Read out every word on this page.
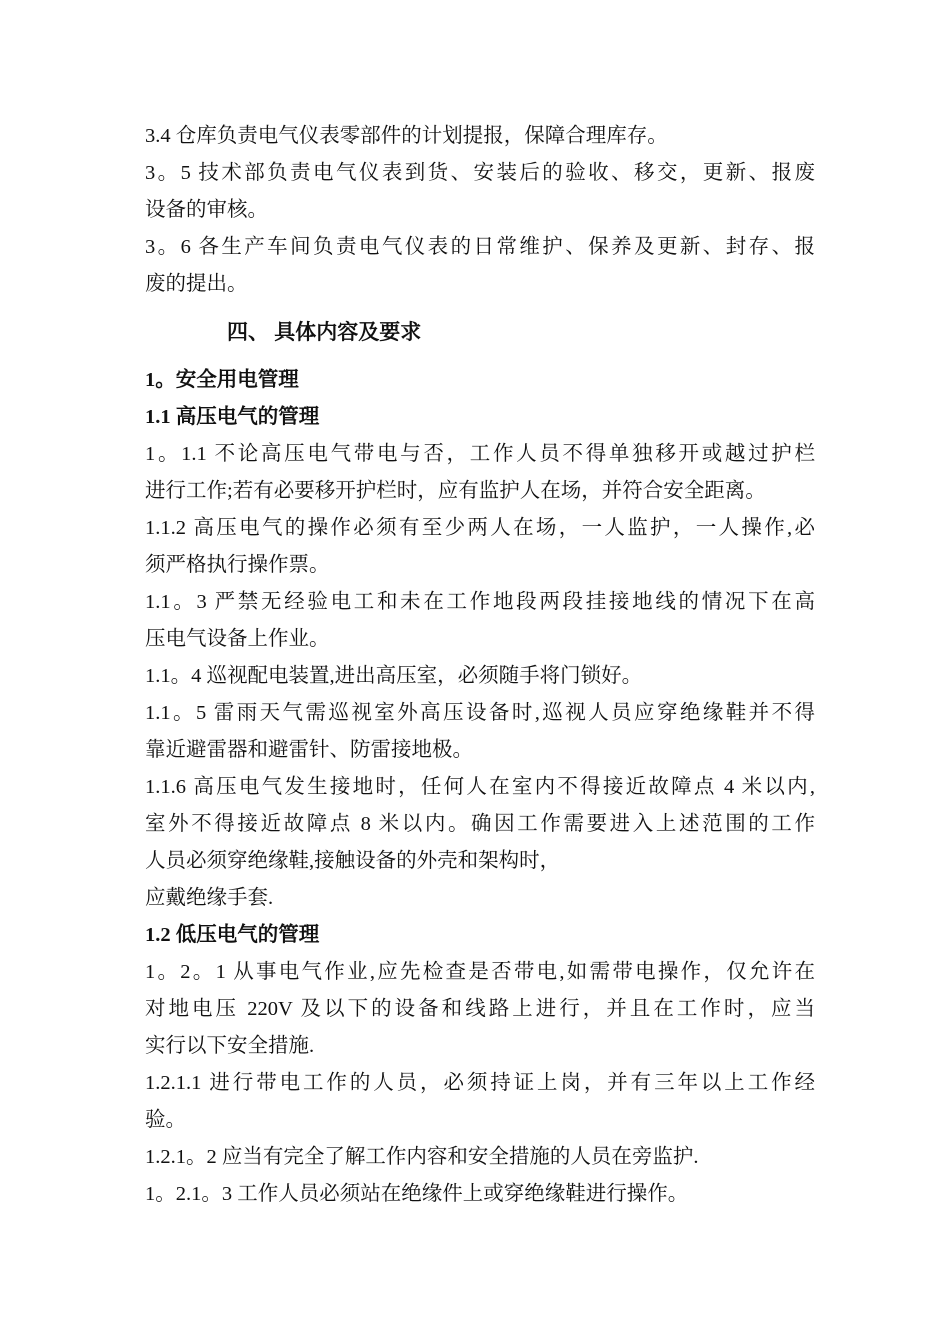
3.4 仓库负责电气仪表零部件的计划提报，保障合理库存。
3。5 技术部负责电气仪表到货、安装后的验收、移交，更新、报废
设备的审核。
3。6 各生产车间负责电气仪表的日常维护、保养及更新、封存、报
废的提出。
四、 具体内容及要求
1。安全用电管理
1.1 高压电气的管理
1。1.1 不论高压电气带电与否，工作人员不得单独移开或越过护栏
进行工作;若有必要移开护栏时，应有监护人在场，并符合安全距离。
1.1.2 高压电气的操作必须有至少两人在场，一人监护，一人操作,必
须严格执行操作票。
1.1。3 严禁无经验电工和未在工作地段两段挂接地线的情况下在高
压电气设备上作业。
1.1。4 巡视配电装置,进出高压室，必须随手将门锁好。
1.1。5 雷雨天气需巡视室外高压设备时,巡视人员应穿绝缘鞋并不得
靠近避雷器和避雷针、防雷接地极。
1.1.6 高压电气发生接地时，任何人在室内不得接近故障点 4 米以内,
室外不得接近故障点 8 米以内。确因工作需要进入上述范围的工作
人员必须穿绝缘鞋,接触设备的外壳和架构时，
应戴绝缘手套.
1.2 低压电气的管理
1。2。1 从事电气作业,应先检查是否带电,如需带电操作，仅允许在
对地电压 220V 及以下的设备和线路上进行，并且在工作时，应当
实行以下安全措施.
1.2.1.1 进行带电工作的人员，必须持证上岗，并有三年以上工作经
验。
1.2.1。2 应当有完全了解工作内容和安全措施的人员在旁监护.
1。2.1。3 工作人员必须站在绝缘件上或穿绝缘鞋进行操作。
